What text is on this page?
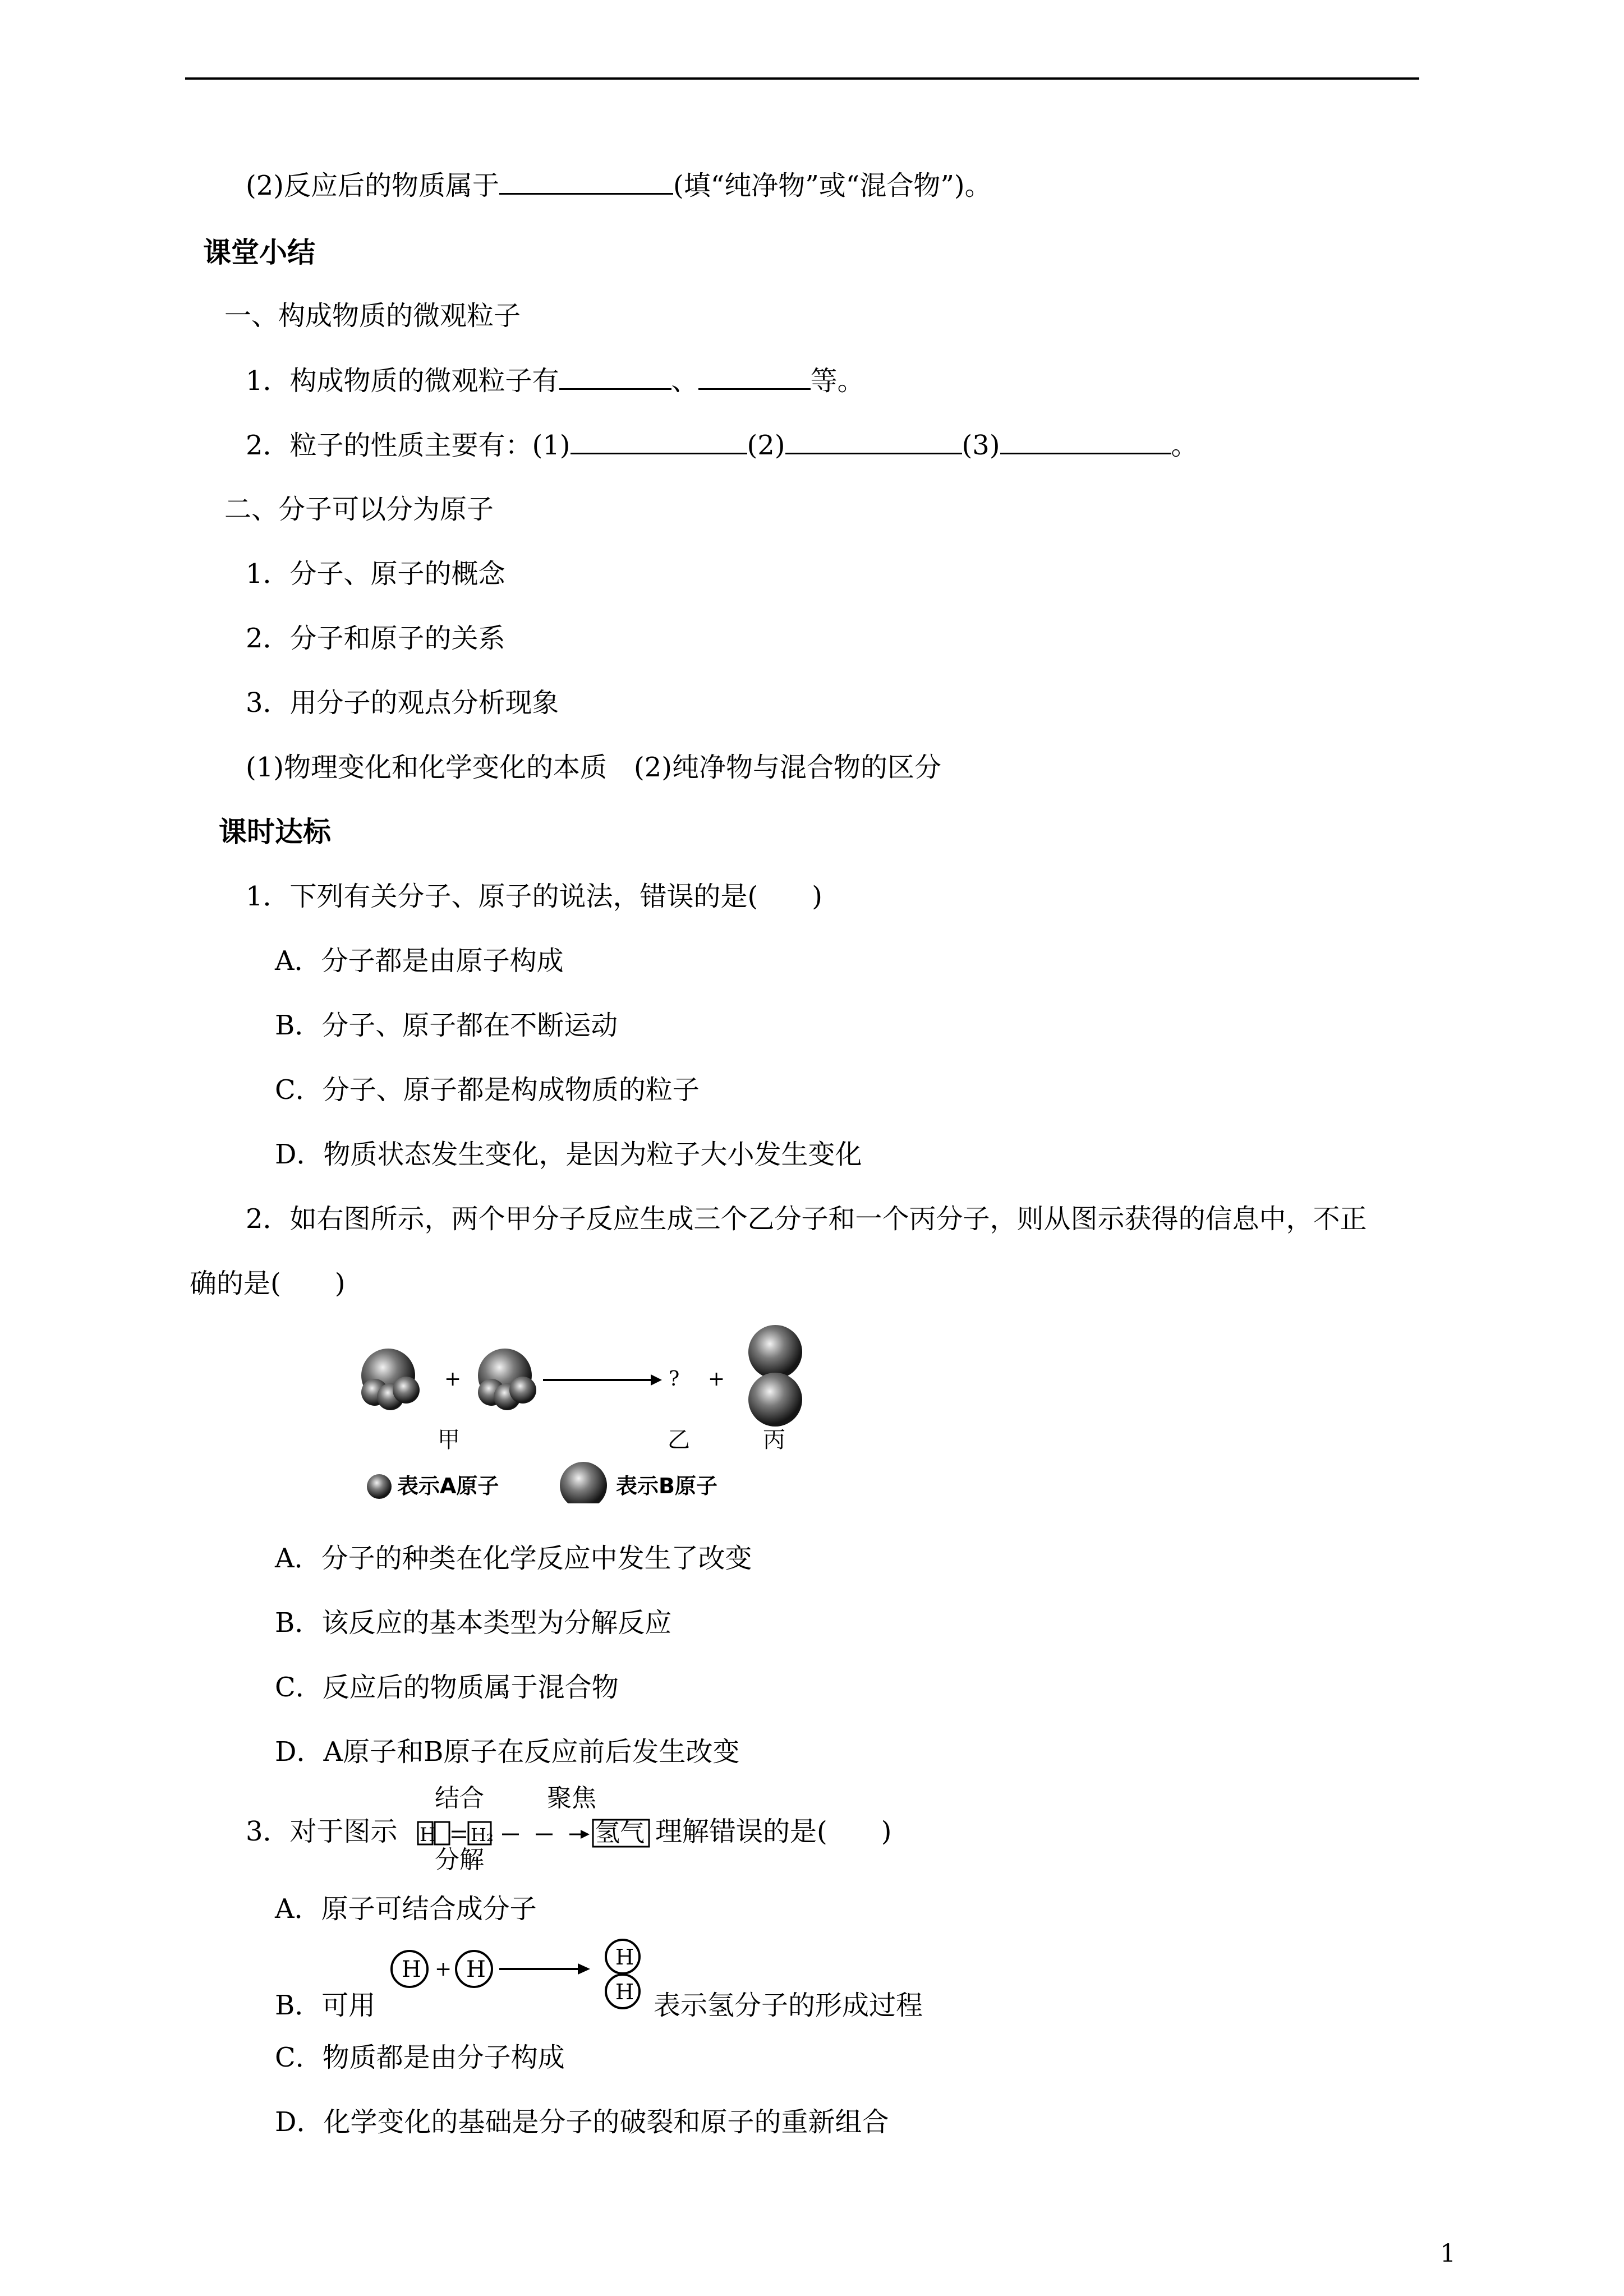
(2)反应后的物质属于	(填“纯净物”或“混合物”)。
课堂小结
一、构成物质的微观粒子
1．构成物质的微观粒子有	、	等。
2．粒子的性质主要有：(1)	(2)	(3)	。
二、分子可以分为原子
1．分子、原子的概念
2．分子和原子的关系
3．用分子的观点分析现象
(1)物理变化和化学变化的本质　(2)纯净物与混合物的区分
课时达标
1．下列有关分子、原子的说法，错误的是(　　)
A．分子都是由原子构成
B．分子、原子都在不断运动
C．分子、原子都是构成物质的粒子
D．物质状态发生变化，是因为粒子大小发生变化
2．如右图所示，两个甲分子反应生成三个乙分子和一个丙分子，则从图示获得的信息中，不正
确的是(　　)
+	? +
甲	乙	丙
表示A原子	表示B原子
A．分子的种类在化学反应中发生了改变
B．该反应的基本类型为分解反应
C．反应后的物质属于混合物
D．A原子和B原子在反应前后发生改变
3．对于图示 H
结合
分解
H₂
聚焦
氢气 理解错误的是(　　)
A．原子可结合成分子
B．可用
H + H	H
H 表示氢分子的形成过程
C．物质都是由分子构成
D．化学变化的基础是分子的破裂和原子的重新组合
1
